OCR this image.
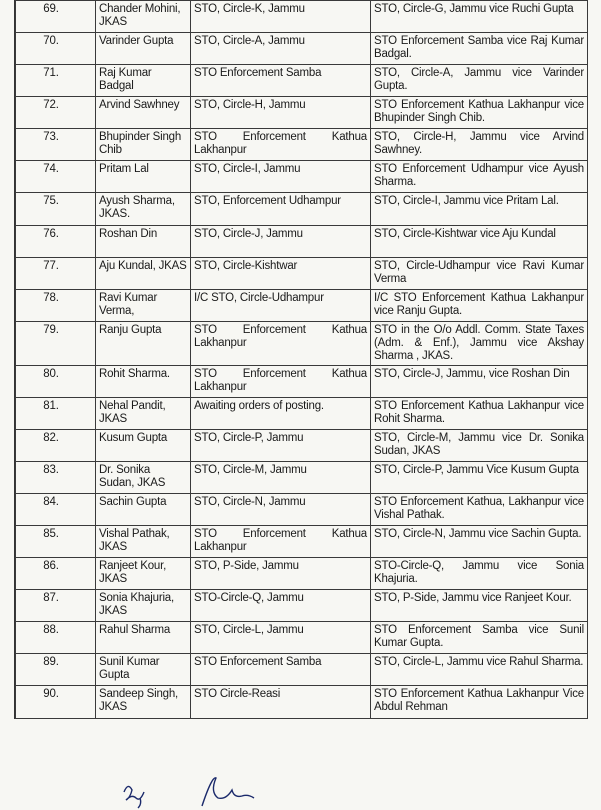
69.	Chander Mohini, JKAS	STO, Circle-K, Jammu	STO, Circle-G, Jammu vice Ruchi Gupta
70.	Varinder Gupta	STO, Circle-A, Jammu	STO Enforcement Samba vice Raj Kumar Badgal.
71.	Raj Kumar Badgal	STO Enforcement Samba	STO, Circle-A, Jammu vice Varinder Gupta.
72.	Arvind Sawhney	STO, Circle-H, Jammu	STO Enforcement Kathua Lakhanpur vice Bhupinder Singh Chib.
73.	Bhupinder Singh Chib	STO Enforcement Kathua Lakhanpur	STO, Circle-H, Jammu vice Arvind Sawhney.
74.	Pritam Lal	STO, Circle-I, Jammu	STO Enforcement Udhampur vice Ayush Sharma.
75.	Ayush Sharma, JKAS.	STO, Enforcement Udhampur	STO, Circle-I, Jammu vice Pritam Lal.
76.	Roshan Din	STO, Circle-J, Jammu	STO, Circle-Kishtwar vice Aju Kundal
77.	Aju Kundal, JKAS	STO, Circle-Kishtwar	STO, Circle-Udhampur vice Ravi Kumar Verma
78.	Ravi Kumar Verma,	I/C STO, Circle-Udhampur	I/C STO Enforcement Kathua Lakhanpur vice Ranju Gupta.
79.	Ranju Gupta	STO Enforcement Kathua Lakhanpur	STO in the O/o Addl. Comm. State Taxes (Adm. & Enf.), Jammu vice Akshay Sharma , JKAS.
80.	Rohit Sharma.	STO Enforcement Kathua Lakhanpur	STO, Circle-J, Jammu, vice Roshan Din
81.	Nehal Pandit, JKAS	Awaiting orders of posting.	STO Enforcement Kathua Lakhanpur vice Rohit Sharma.
82.	Kusum Gupta	STO, Circle-P, Jammu	STO, Circle-M, Jammu vice Dr. Sonika Sudan, JKAS
83.	Dr. Sonika Sudan, JKAS	STO, Circle-M, Jammu	STO, Circle-P, Jammu Vice Kusum Gupta
84.	Sachin Gupta	STO, Circle-N, Jammu	STO Enforcement Kathua, Lakhanpur vice Vishal Pathak.
85.	Vishal Pathak, JKAS	STO Enforcement Kathua Lakhanpur	STO, Circle-N, Jammu vice Sachin Gupta.
86.	Ranjeet Kour, JKAS	STO, P-Side, Jammu	STO-Circle-Q, Jammu vice Sonia Khajuria.
87.	Sonia Khajuria, JKAS	STO-Circle-Q, Jammu	STO, P-Side, Jammu vice Ranjeet Kour.
88.	Rahul Sharma	STO, Circle-L, Jammu	STO Enforcement Samba vice Sunil Kumar Gupta.
89.	Sunil Kumar Gupta	STO Enforcement Samba	STO, Circle-L, Jammu vice Rahul Sharma.
90.	Sandeep Singh, JKAS	STO Circle-Reasi	STO Enforcement Kathua Lakhanpur Vice Abdul Rehman
